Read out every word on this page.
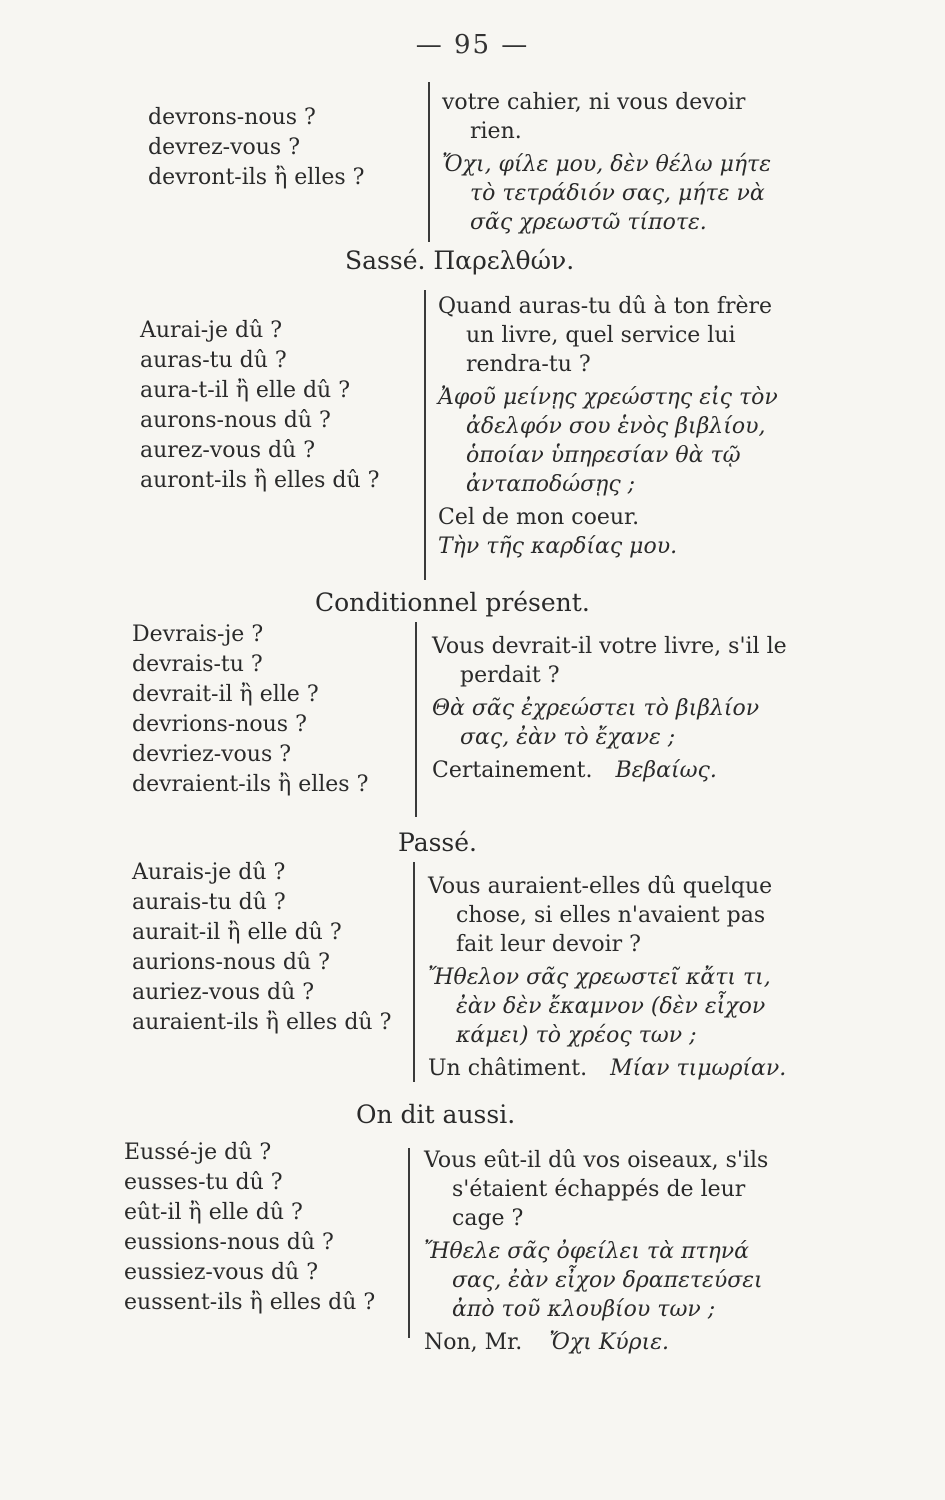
— 95 —
devrons-nous ?
devrez-vous ?
devront-ils ἢ elles ?

votre cahier, ni vous devoir rien.

Ὄχι, φίλε μου, δὲν θέλω μήτε τὸ τετράδιόν σας, μήτε νὰ σᾶς χρεωστῶ τίποτε.

Sassé. Παρελθών.
Aurai-je dû ?
auras-tu dû ?
aura-t-il ἢ elle dû ?
aurons-nous dû ?
aurez-vous dû ?
auront-ils ἢ elles dû ?

Quand auras-tu dû à ton frère un livre, quel service lui rendra-tu ?

Ἀφοῦ μείνῃς χρεώστης εἰς τὸν ἀδελφόν σου ἑνὸς βιβλίου, ὁποίαν ὑπηρεσίαν θὰ τῷ ἀνταποδώσῃς ;

Cel de mon coeur.

Τὴν τῆς καρδίας μου.

Conditionnel présent.
Devrais-je ?
devrais-tu ?
devrait-il ἢ elle ?
devrions-nous ?
devriez-vous ?
devraient-ils ἢ elles ?

Vous devrait-il votre livre, s'il le perdait ?

Θὰ σᾶς ἐχρεώστει τὸ βιβλίον σας, ἐὰν τὸ ἔχανε ;

Certainement. Βεβαίως.

Passé.
Aurais-je dû ?
aurais-tu dû ?
aurait-il ἢ elle dû ?
aurions-nous dû ?
auriez-vous dû ?
auraient-ils ἢ elles dû ?

Vous auraient-elles dû quelque chose, si elles n'avaient pas fait leur devoir ?

Ἤθελον σᾶς χρεωστεῖ κἄτι τι, ἐὰν δὲν ἔκαμνον (δὲν εἶχον κάμει) τὸ χρέος των ;

Un châtiment. Μίαν τιμωρίαν.

On dit aussi.
Eussé-je dû ?
eusses-tu dû ?
eût-il ἢ elle dû ?
eussions-nous dû ?
eussiez-vous dû ?
eussent-ils ἢ elles dû ?

Vous eût-il dû vos oiseaux, s'ils s'étaient échappés de leur cage ?

Ἤθελε σᾶς ὀφείλει τὰ πτηνά σας, ἐὰν εἶχον δραπετεύσει ἀπὸ τοῦ κλουβίου των ;

Non, Mr. Ὄχι Κύριε.
